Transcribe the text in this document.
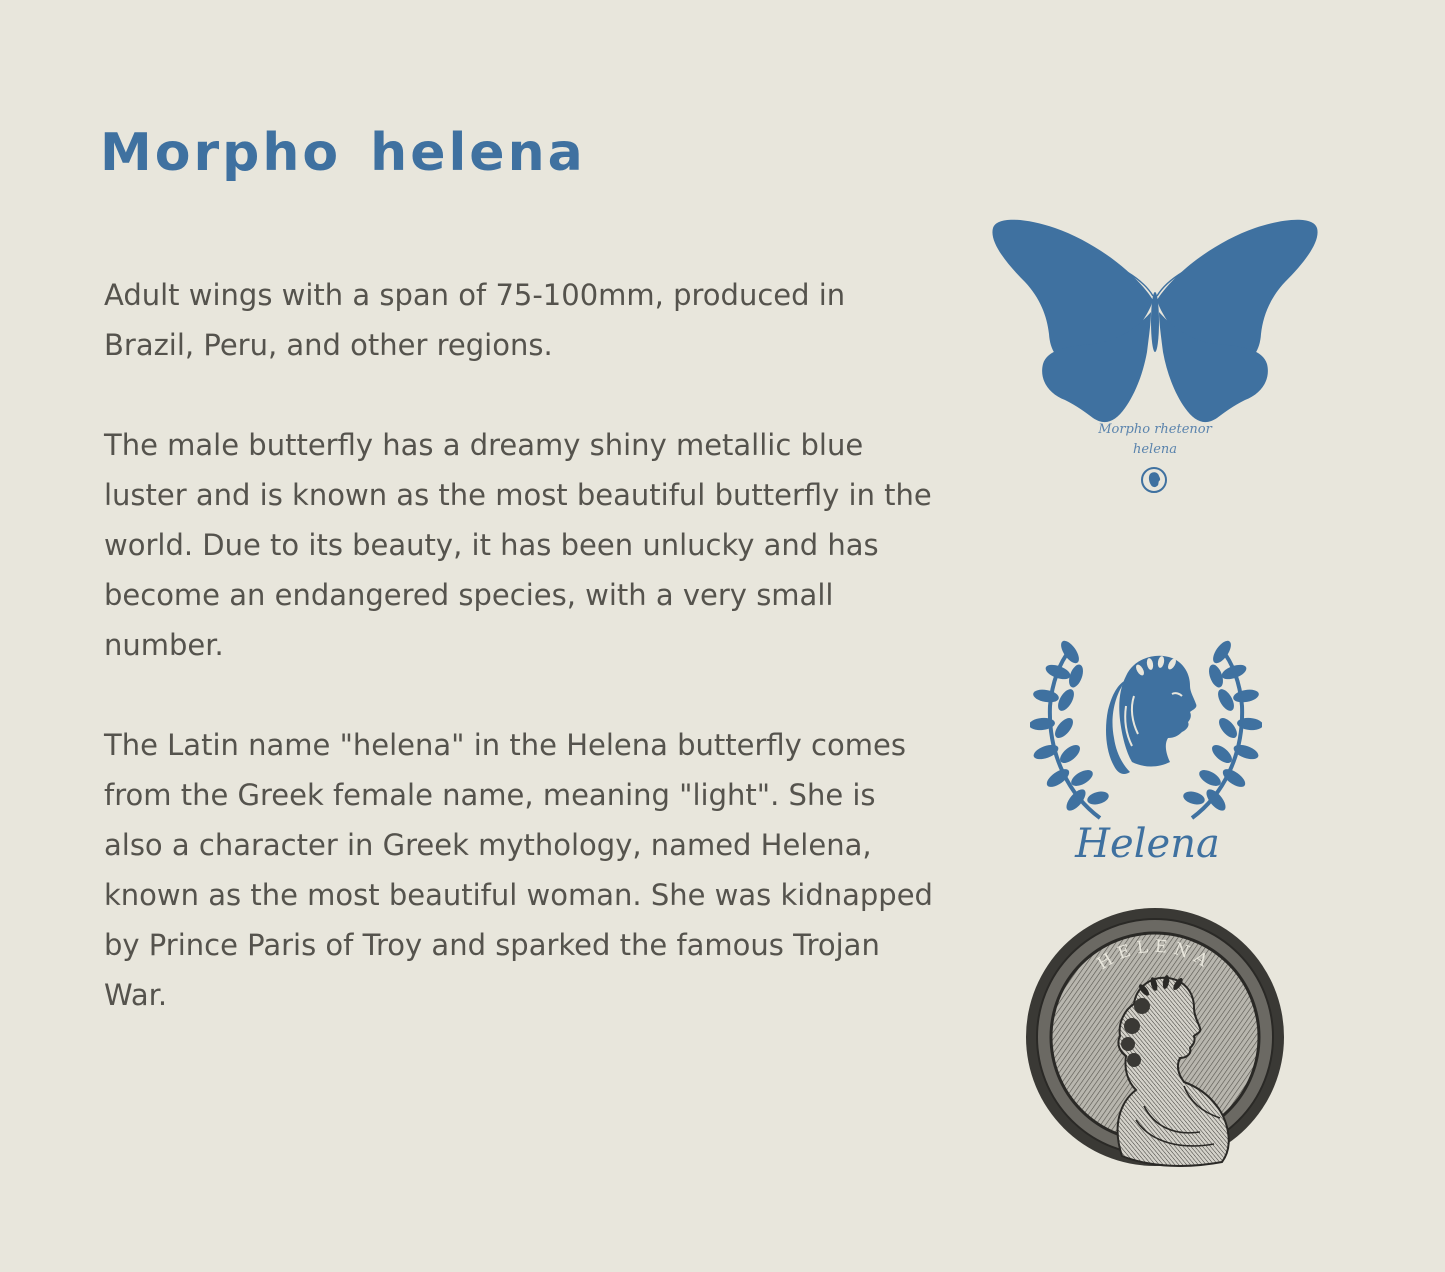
Morpho helena

Adult wings with a span of 75-100mm, produced in Brazil, Peru, and other regions.

The male butterfly has a dreamy shiny metallic blue luster and is known as the most beautiful butterfly in the world. Due to its beauty, it has been unlucky and has become an endangered species, with a very small number.

The Latin name "helena" in the Helena butterfly comes from the Greek female name, meaning "light". She is also a character in Greek mythology, named Helena, known as the most beautiful woman. She was kidnapped by Prince Paris of Troy and sparked the famous Trojan War.

Morpho rhetenor
helena
Helena
HELENA
